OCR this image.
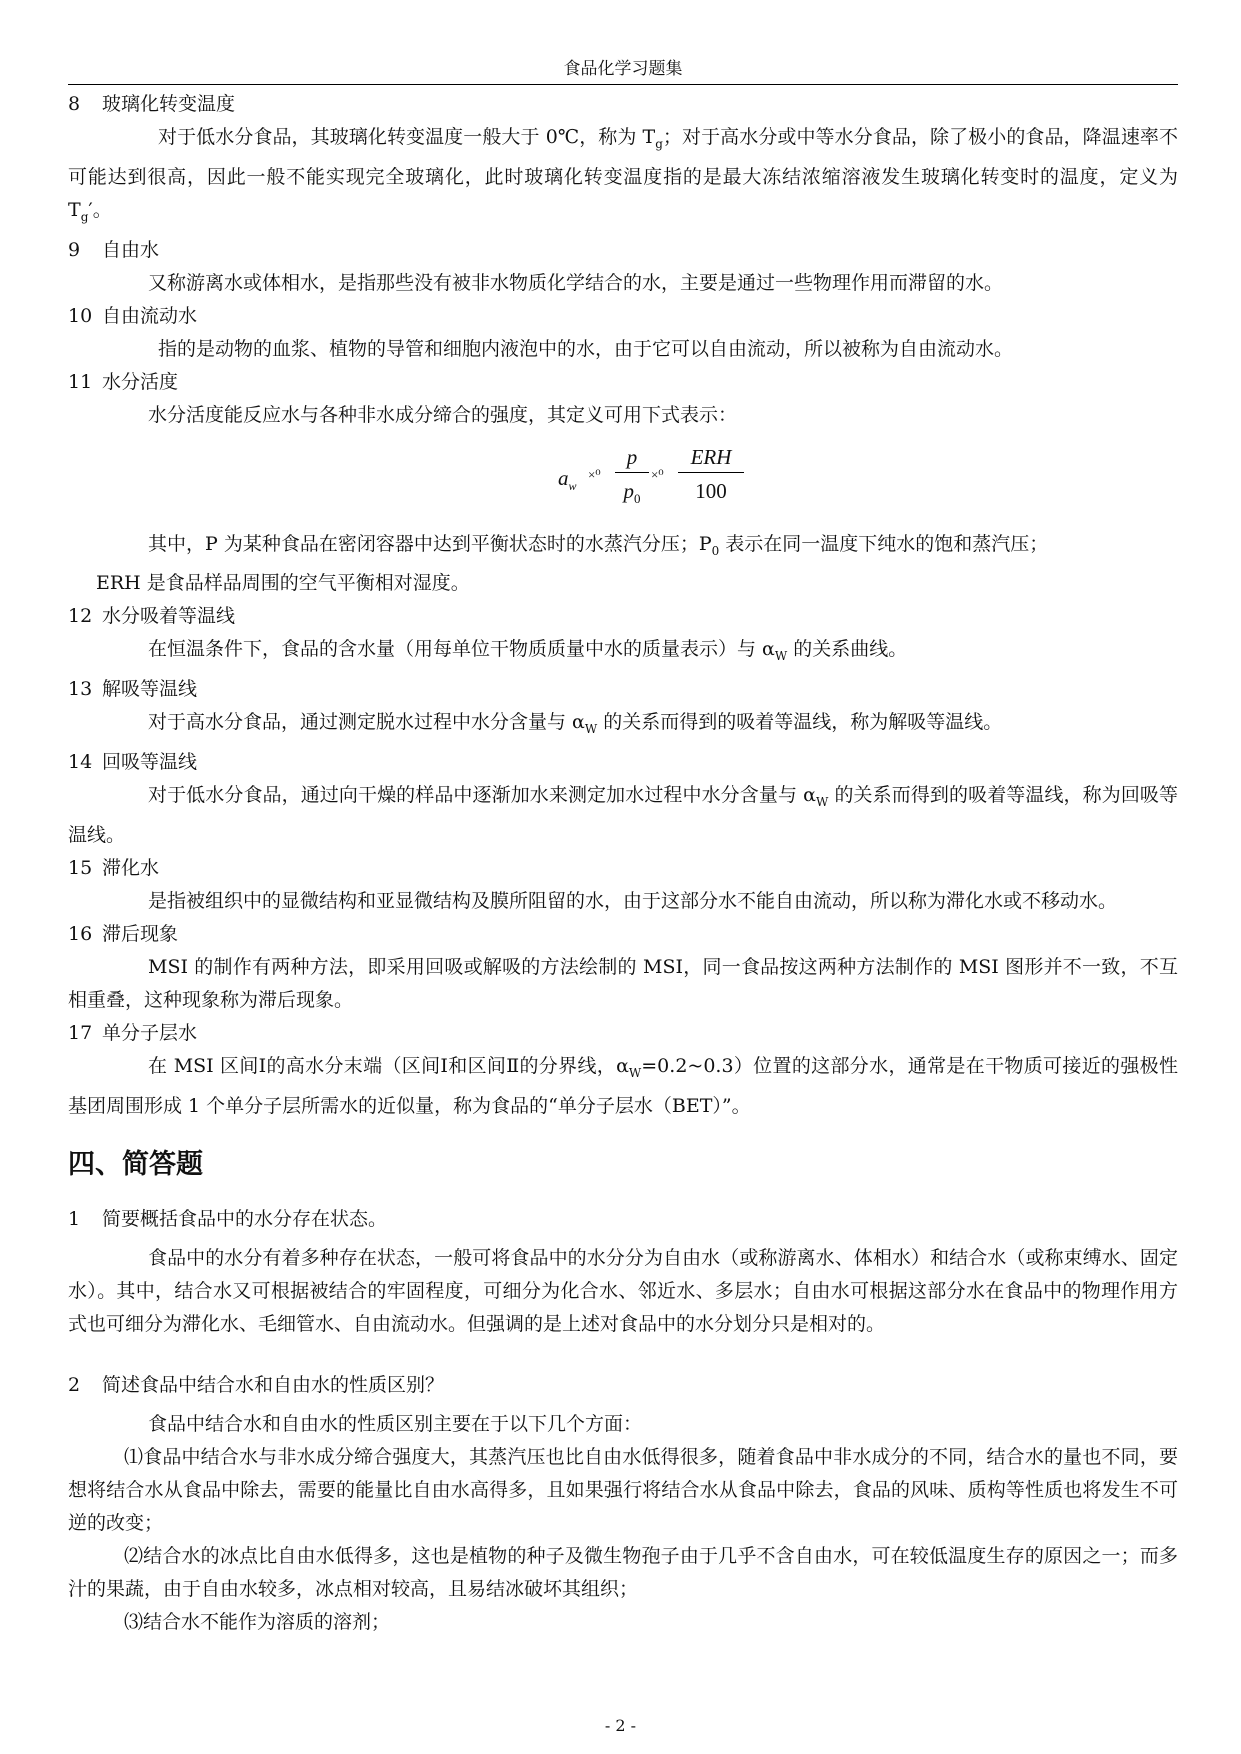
食品化学习题集

8 玻璃化转变温度

对于低水分食品，其玻璃化转变温度一般大于 0℃，称为 $T_g$；对于高水分或中等水分食品，除了极小的食品，降温速率不可能达到很高，因此一般不能实现完全玻璃化，此时玻璃化转变温度指的是最大冻结浓缩溶液发生玻璃化转变时的温度，定义为 $T_g'$。

9 自由水

又称游离水或体相水，是指那些没有被非水物质化学结合的水，主要是通过一些物理作用而滞留的水。

10 自由流动水

指的是动物的血浆、植物的导管和细胞内液泡中的水，由于它可以自由流动，所以被称为自由流动水。

11 水分活度

水分活度能反应水与各种非水成分缔合的强度，其定义可用下式表示：

$a_w$
$\times^0 \frac{p}{p_0} \times^0$
ERH
100

其中，P 为某种食品在密闭容器中达到平衡状态时的水蒸汽分压；$P_0$ 表示在同一温度下纯水的饱和蒸汽压；

ERH 是食品样品周围的空气平衡相对湿度。

12 水分吸着等温线

在恒温条件下，食品的含水量（用每单位干物质质量中水的质量表示）与 $\alpha_W$ 的关系曲线。

13 解吸等温线

对于高水分食品，通过测定脱水过程中水分含量与 $\alpha_W$ 的关系而得到的吸着等温线，称为解吸等温线。

14 回吸等温线

对于低水分食品，通过向干燥的样品中逐渐加水来测定加水过程中水分含量与 $\alpha_W$ 的关系而得到的吸着等温线，称为回吸等温线。

15 滞化水

是指被组织中的显微结构和亚显微结构及膜所阻留的水，由于这部分水不能自由流动，所以称为滞化水或不移动水。

16 滞后现象

MSI 的制作有两种方法，即采用回吸或解吸的方法绘制的 MSI，同一食品按这两种方法制作的 MSI 图形并不一致，不互相重叠，这种现象称为滞后现象。

17 单分子层水

在 MSI 区间Ⅰ的高水分末端（区间Ⅰ和区间Ⅱ的分界线，$\alpha_W=0.2\sim 0.3$）位置的这部分水，通常是在干物质可接近的强极性基团周围形成 1 个单分子层所需水的近似量，称为食品的“单分子层水（BET）”。

四、简答题

1 简要概括食品中的水分存在状态。

食品中的水分有着多种存在状态，一般可将食品中的水分分为自由水（或称游离水、体相水）和结合水（或称束缚水、固定水）。其中，结合水又可根据被结合的牢固程度，可细分为化合水、邻近水、多层水；自由水可根据这部分水在食品中的物理作用方式也可细分为滞化水、毛细管水、自由流动水。但强调的是上述对食品中的水分划分只是相对的。

2 简述食品中结合水和自由水的性质区别？

食品中结合水和自由水的性质区别主要在于以下几个方面：

⑴食品中结合水与非水成分缔合强度大，其蒸汽压也比自由水低得很多，随着食品中非水成分的不同，结合水的量也不同，要想将结合水从食品中除去，需要的能量比自由水高得多，且如果强行将结合水从食品中除去，食品的风味、质构等性质也将发生不可逆的改变；

⑵结合水的冰点比自由水低得多，这也是植物的种子及微生物孢子由于几乎不含自由水，可在较低温度生存的原因之一；而多汁的果蔬，由于自由水较多，冰点相对较高，且易结冰破坏其组织；

⑶结合水不能作为溶质的溶剂；

- 2 -
